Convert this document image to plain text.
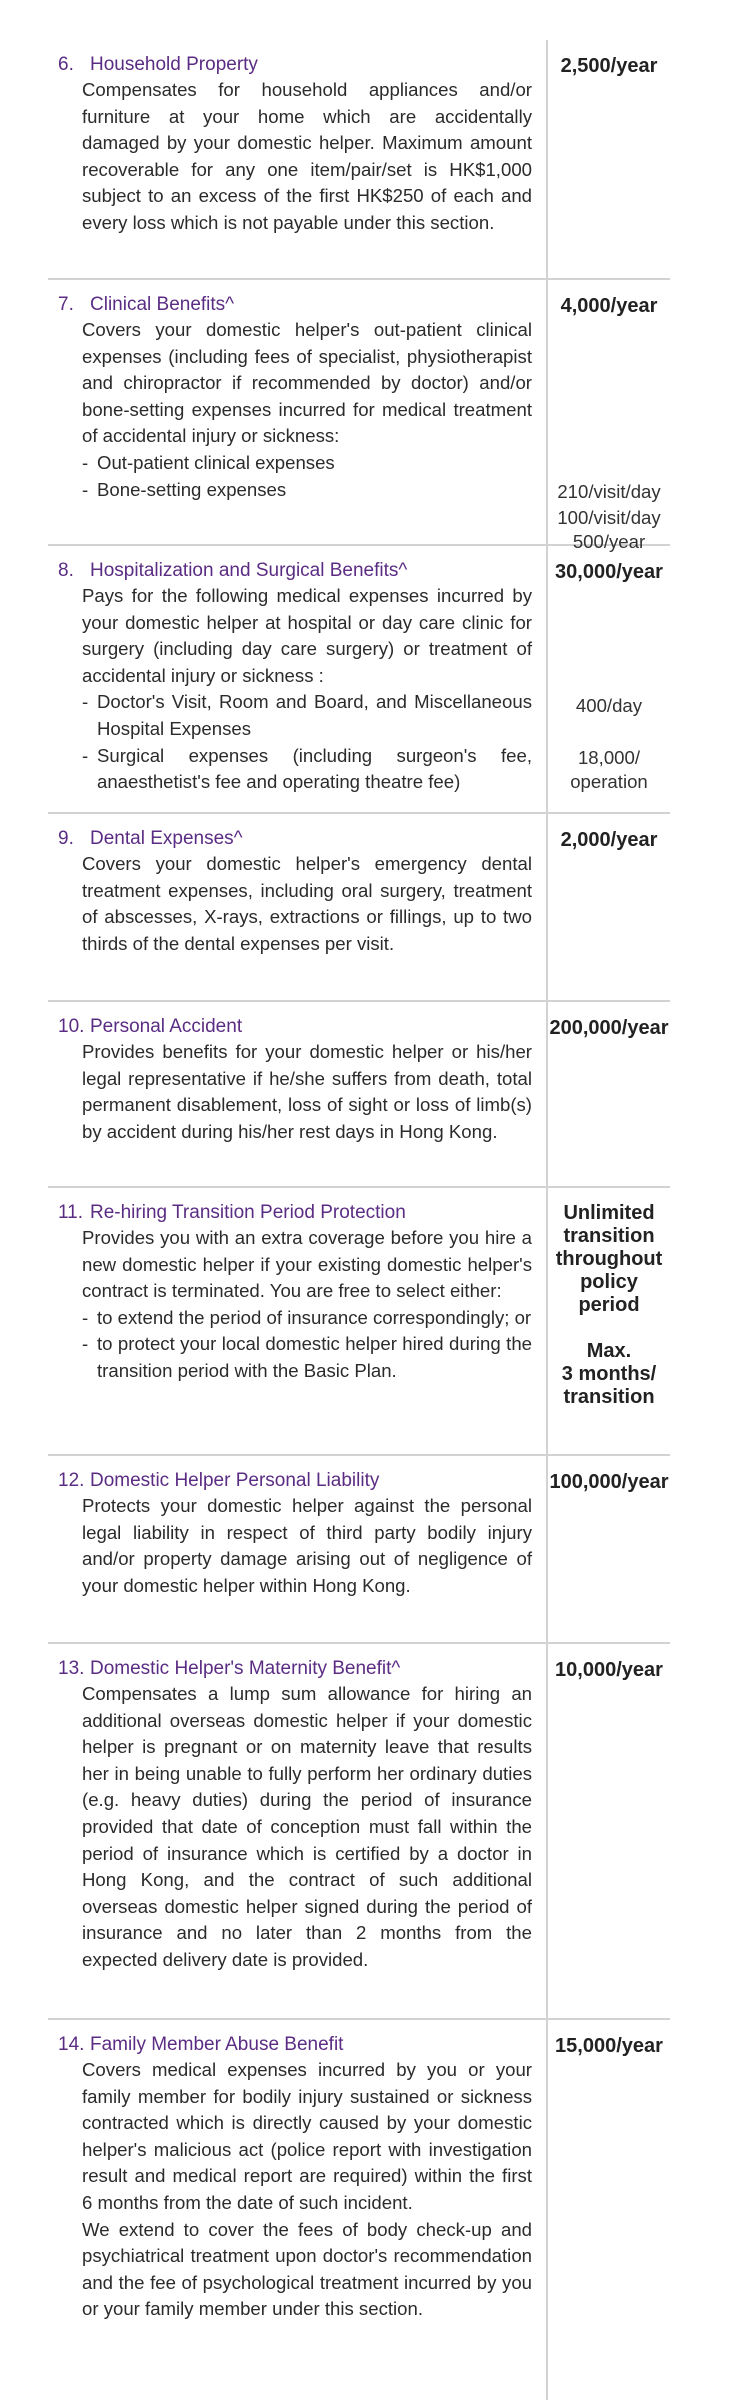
6. Household Property

Compensates for household appliances and/or furniture at your home which are accidentally damaged by your domestic helper. Maximum amount recoverable for any one item/pair/set is HK$1,000 subject to an excess of the first HK$250 of each and every loss which is not payable under this section.

2,500/year
7. Clinical Benefits^

Covers your domestic helper's out-patient clinical expenses (including fees of specialist, physiotherapist and chiropractor if recommended by doctor) and/or bone-setting expenses incurred for medical treatment of accidental injury or sickness:

- Out-patient clinical expenses
- Bone-setting expenses
4,000/year
210/visit/day
100/visit/day
500/year
8. Hospitalization and Surgical Benefits^

Pays for the following medical expenses incurred by your domestic helper at hospital or day care clinic for surgery (including day care surgery) or treatment of accidental injury or sickness :

- Doctor's Visit, Room and Board, and Miscellaneous Hospital Expenses
- Surgical expenses (including surgeon's fee, anaesthetist's fee and operating theatre fee)
30,000/year
400/day
18,000/
operation
9. Dental Expenses^

Covers your domestic helper's emergency dental treatment expenses, including oral surgery, treatment of abscesses, X-rays, extractions or fillings, up to two thirds of the dental expenses per visit.

2,000/year
10. Personal Accident

Provides benefits for your domestic helper or his/her legal representative if he/she suffers from death, total permanent disablement, loss of sight or loss of limb(s) by accident during his/her rest days in Hong Kong.

200,000/year
11. Re-hiring Transition Period Protection

Provides you with an extra coverage before you hire a new domestic helper if your existing domestic helper's contract is terminated. You are free to select either:

- to extend the period of insurance correspondingly; or
- to protect your local domestic helper hired during the transition period with the Basic Plan.
Unlimited
transition
throughout
policy period

Max.
3 months/
transition
12. Domestic Helper Personal Liability

Protects your domestic helper against the personal legal liability in respect of third party bodily injury and/or property damage arising out of negligence of your domestic helper within Hong Kong.

100,000/year
13. Domestic Helper's Maternity Benefit^

Compensates a lump sum allowance for hiring an additional overseas domestic helper if your domestic helper is pregnant or on maternity leave that results her in being unable to fully perform her ordinary duties (e.g. heavy duties) during the period of insurance provided that date of conception must fall within the period of insurance which is certified by a doctor in Hong Kong, and the contract of such additional overseas domestic helper signed during the period of insurance and no later than 2 months from the expected delivery date is provided.

10,000/year
14. Family Member Abuse Benefit

Covers medical expenses incurred by you or your family member for bodily injury sustained or sickness contracted which is directly caused by your domestic helper's malicious act (police report with investigation result and medical report are required) within the first 6 months from the date of such incident.

We extend to cover the fees of body check-up and psychiatrical treatment upon doctor's recommendation and the fee of psychological treatment incurred by you or your family member under this section.

15,000/year
